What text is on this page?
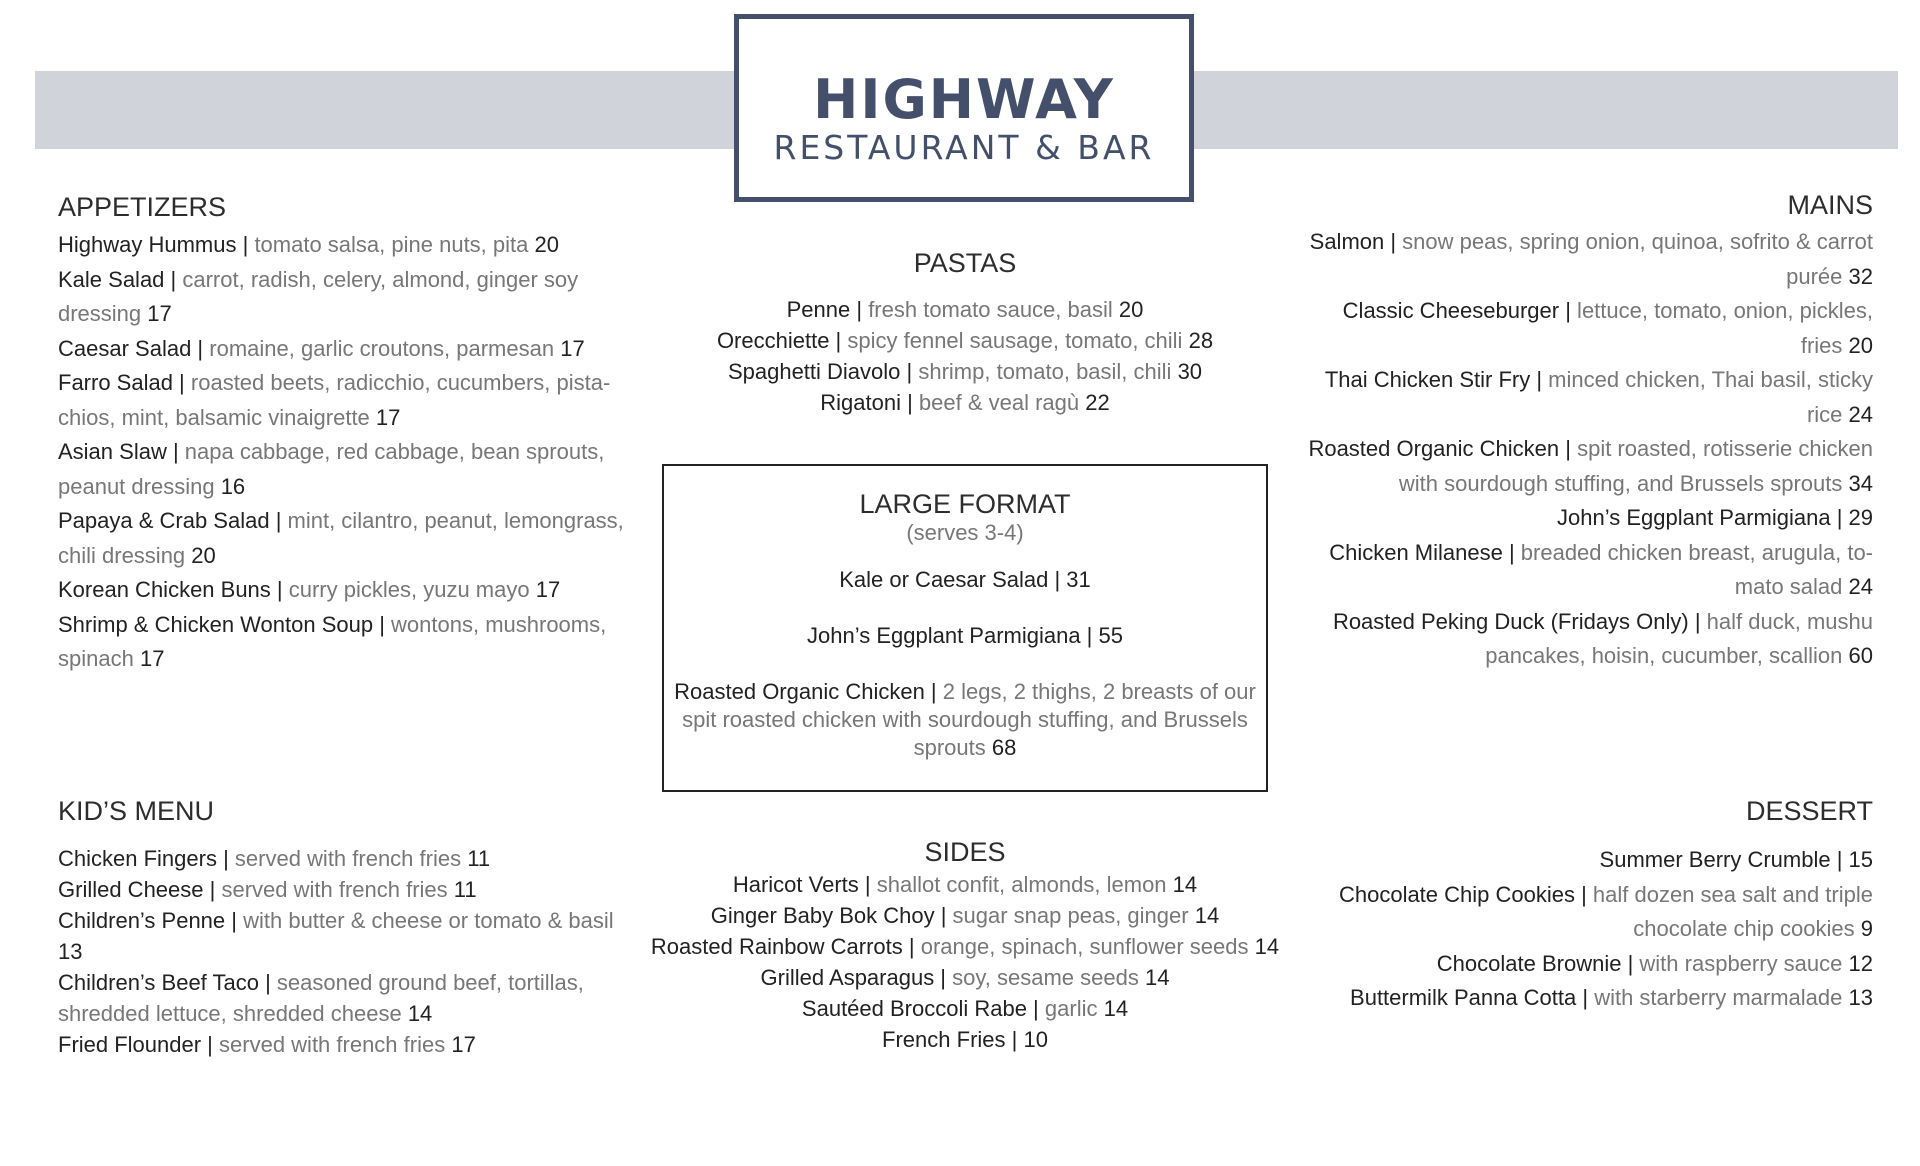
HIGHWAY
RESTAURANT & BAR
APPETIZERS
Highway Hummus | tomato salsa, pine nuts, pita 20
Kale Salad | carrot, radish, celery, almond, ginger soy dressing 17
Caesar Salad | romaine, garlic croutons, parmesan 17
Farro Salad | roasted beets, radicchio, cucumbers, pista-chios, mint, balsamic vinaigrette 17
Asian Slaw | napa cabbage, red cabbage, bean sprouts, peanut dressing 16
Papaya & Crab Salad | mint, cilantro, peanut, lemongrass, chili dressing 20
Korean Chicken Buns | curry pickles, yuzu mayo 17
Shrimp & Chicken Wonton Soup | wontons, mushrooms, spinach 17
PASTAS
Penne | fresh tomato sauce, basil 20
Orecchiette | spicy fennel sausage, tomato, chili 28
Spaghetti Diavolo | shrimp, tomato, basil, chili 30
Rigatoni | beef & veal ragù 22
LARGE FORMAT
(serves 3-4)
Kale or Caesar Salad | 31
John’s Eggplant Parmigiana | 55
Roasted Organic Chicken | 2 legs, 2 thighs, 2 breasts of our spit roasted chicken with sourdough stuffing, and Brussels sprouts 68
MAINS
Salmon | snow peas, spring onion, quinoa, sofrito & carrot purée 32
Classic Cheeseburger | lettuce, tomato, onion, pickles, fries 20
Thai Chicken Stir Fry | minced chicken, Thai basil, sticky rice 24
Roasted Organic Chicken | spit roasted, rotisserie chicken with sourdough stuffing, and Brussels sprouts 34
John’s Eggplant Parmigiana | 29
Chicken Milanese | breaded chicken breast, arugula, to-mato salad 24
Roasted Peking Duck (Fridays Only) | half duck, mushu pancakes, hoisin, cucumber, scallion 60
KID’S MENU
Chicken Fingers | served with french fries 11
Grilled Cheese | served with french fries 11
Children’s Penne | with butter & cheese or tomato & basil 13
Children’s Beef Taco | seasoned ground beef, tortillas, shredded lettuce, shredded cheese 14
Fried Flounder | served with french fries 17
SIDES
Haricot Verts | shallot confit, almonds, lemon 14
Ginger Baby Bok Choy | sugar snap peas, ginger 14
Roasted Rainbow Carrots | orange, spinach, sunflower seeds 14
Grilled Asparagus | soy, sesame seeds 14
Sautéed Broccoli Rabe | garlic 14
French Fries | 10
DESSERT
Summer Berry Crumble | 15
Chocolate Chip Cookies | half dozen sea salt and triple chocolate chip cookies 9
Chocolate Brownie | with raspberry sauce 12
Buttermilk Panna Cotta | with starberry marmalade 13
